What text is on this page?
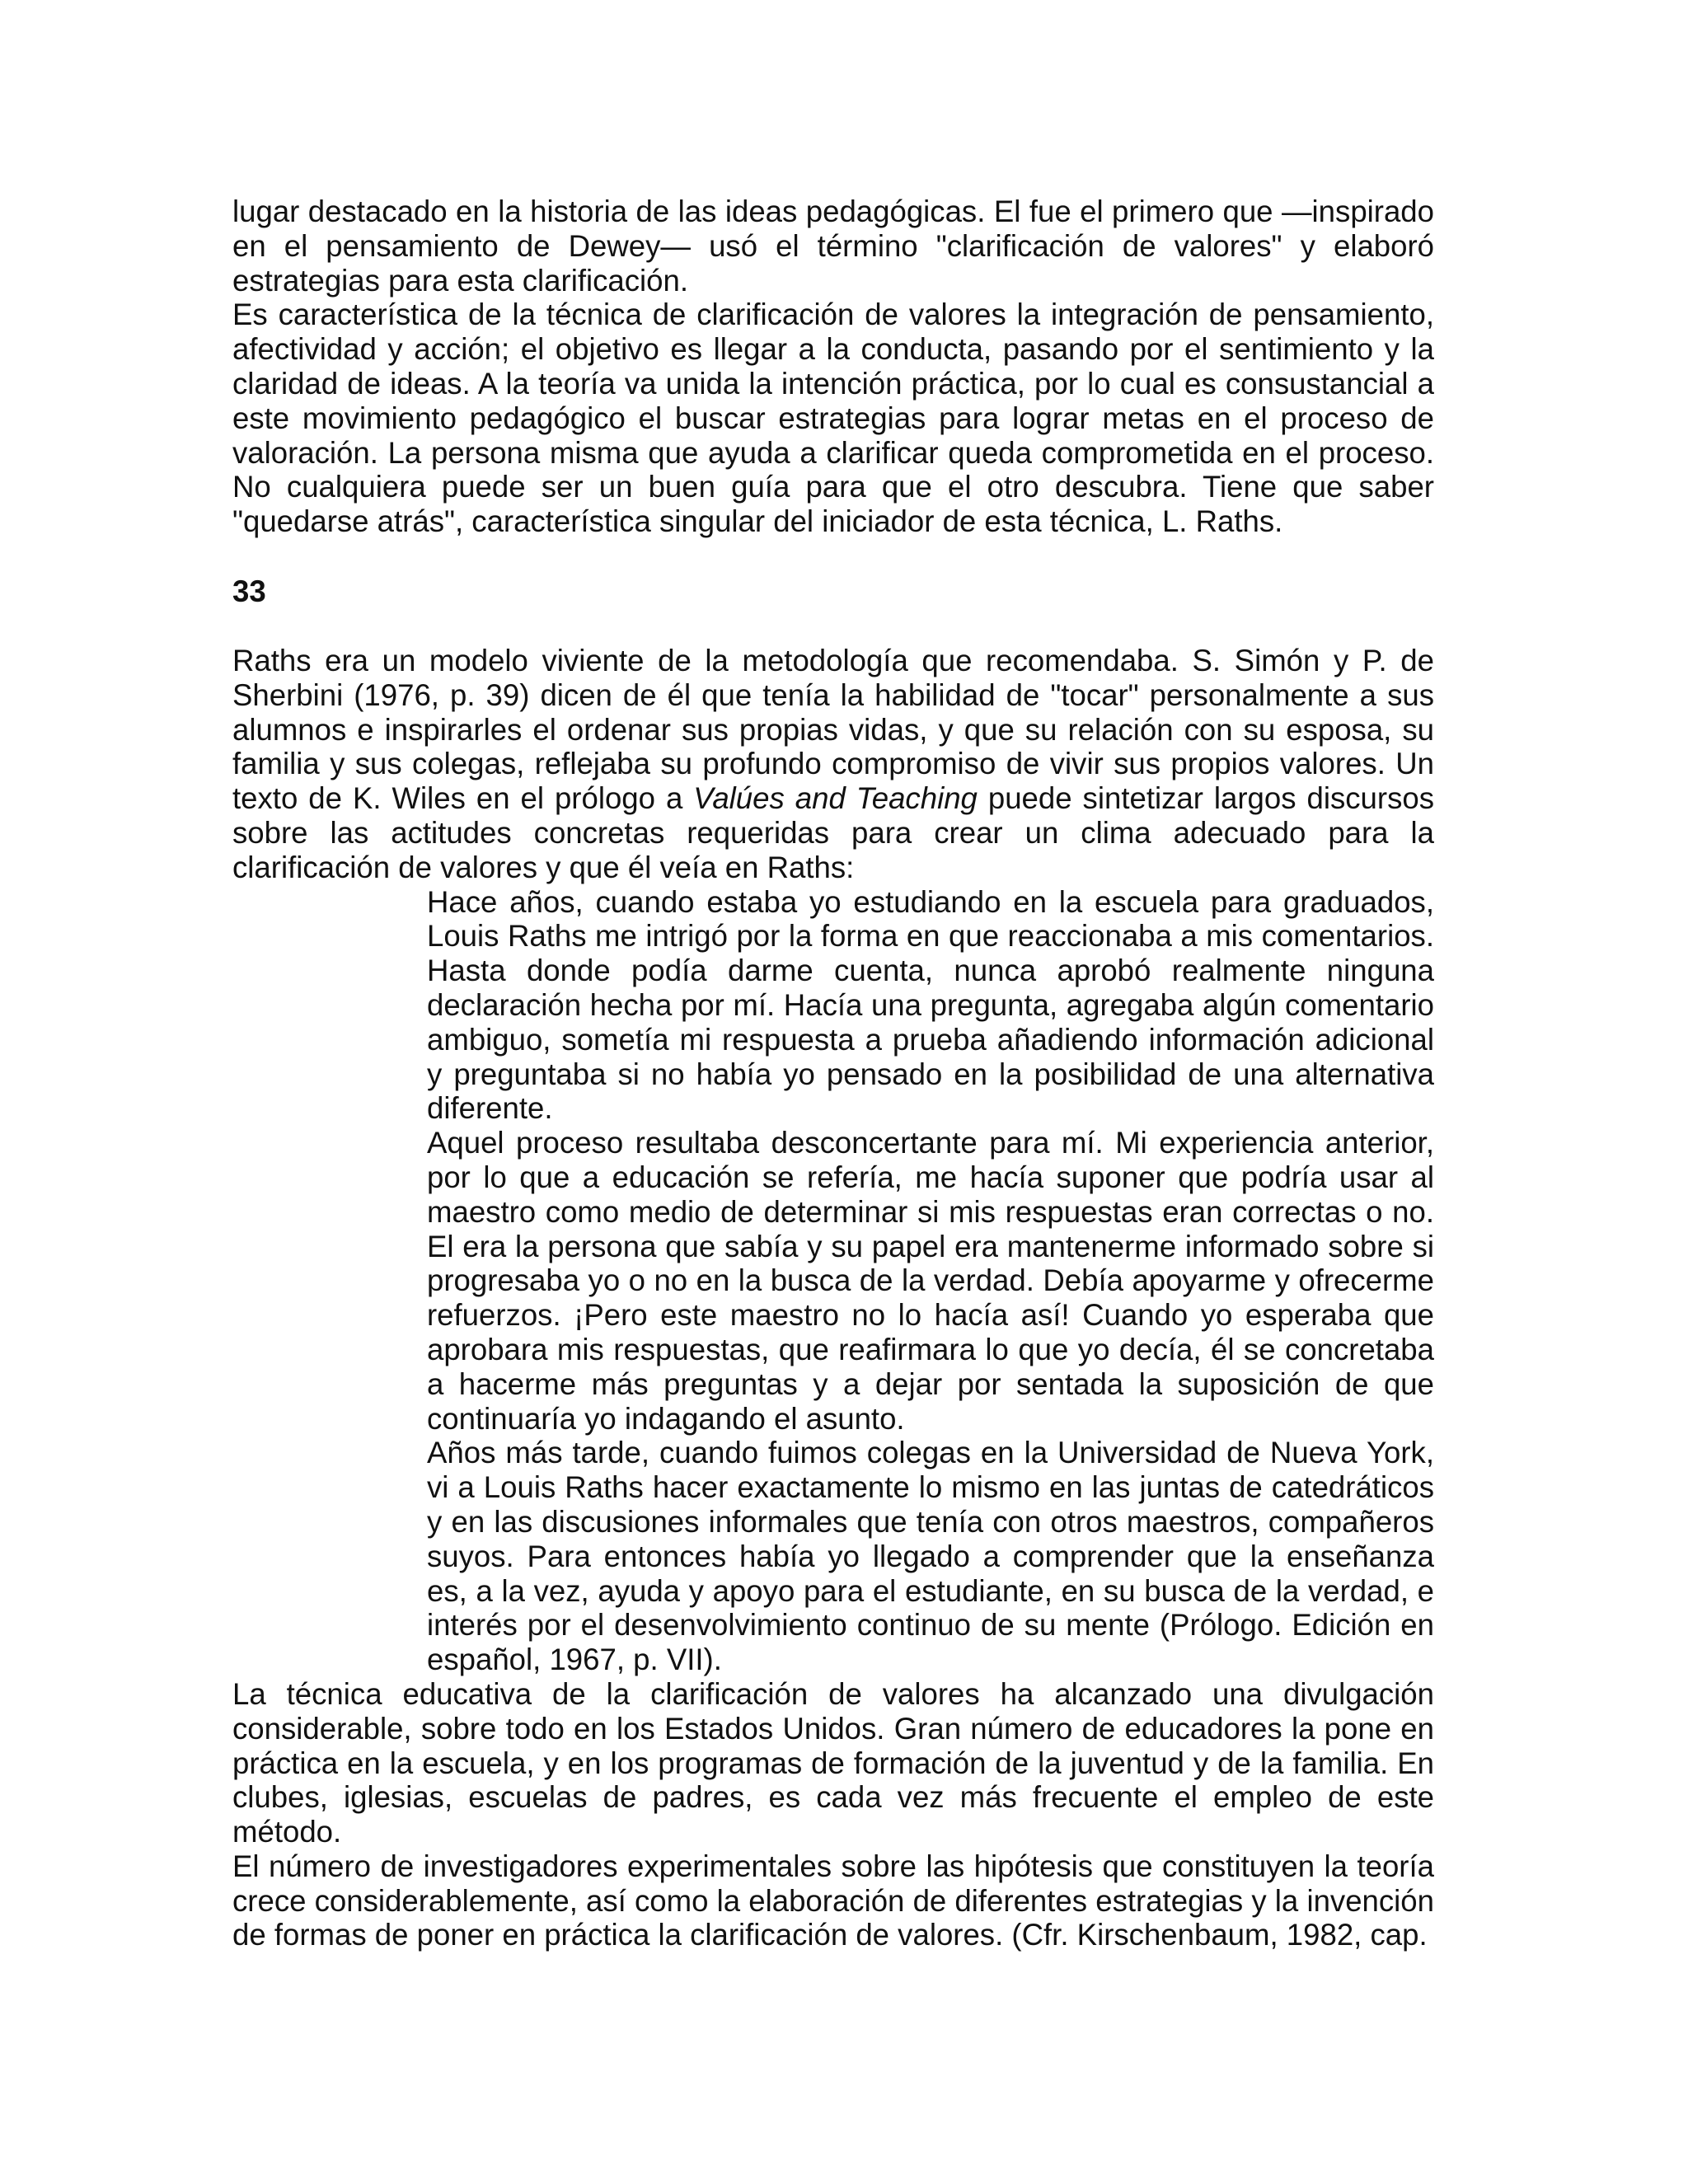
lugar destacado en la historia de las ideas pedagógicas. El fue el primero que —inspirado en el pensamiento de Dewey— usó el término "clarificación de valores" y elaboró estrategias para esta clarificación.

Es característica de la técnica de clarificación de valores la integración de pensamiento, afectividad y acción; el objetivo es llegar a la conducta, pasando por el sentimiento y la claridad de ideas. A la teoría va unida la intención práctica, por lo cual es consustancial a este movimiento pedagógico el buscar estrategias para lograr metas en el proceso de valoración. La persona misma que ayuda a clarificar queda comprometida en el proceso. No cualquiera puede ser un buen guía para que el otro descubra. Tiene que saber "quedarse atrás", característica singular del iniciador de esta técnica, L. Raths.

33

Raths era un modelo viviente de la metodología que recomendaba. S. Simón y P. de Sherbini (1976, p. 39) dicen de él que tenía la habilidad de "tocar" personalmente a sus alumnos e inspirarles el ordenar sus propias vidas, y que su relación con su esposa, su familia y sus colegas, reflejaba su profundo compromiso de vivir sus propios valores. Un texto de K. Wiles en el prólogo a Valúes and Teaching puede sintetizar largos discursos sobre las actitudes concretas requeridas para crear un clima adecuado para la clarificación de valores y que él veía en Raths:

Hace años, cuando estaba yo estudiando en la escuela para graduados, Louis Raths me intrigó por la forma en que reaccionaba a mis comentarios. Hasta donde podía darme cuenta, nunca aprobó realmente ninguna declaración hecha por mí. Hacía una pregunta, agregaba algún comentario ambiguo, sometía mi respuesta a prueba añadiendo información adicional y preguntaba si no había yo pensado en la posibilidad de una alternativa diferente.

Aquel proceso resultaba desconcertante para mí. Mi experiencia anterior, por lo que a educación se refería, me hacía suponer que podría usar al maestro como medio de determinar si mis respuestas eran correctas o no. El era la persona que sabía y su papel era mantenerme informado sobre si progresaba yo o no en la busca de la verdad. Debía apoyarme y ofrecerme refuerzos. ¡Pero este maestro no lo hacía así! Cuando yo esperaba que aprobara mis respuestas, que reafirmara lo que yo decía, él se concretaba a hacerme más preguntas y a dejar por sentada la suposición de que continuaría yo indagando el asunto.

Años más tarde, cuando fuimos colegas en la Universidad de Nueva York, vi a Louis Raths hacer exactamente lo mismo en las juntas de catedráticos y en las discusiones informales que tenía con otros maestros, compañeros suyos. Para entonces había yo llegado a comprender que la enseñanza es, a la vez, ayuda y apoyo para el estudiante, en su busca de la verdad, e interés por el desenvolvimiento continuo de su mente (Prólogo. Edición en español, 1967, p. VII).

La técnica educativa de la clarificación de valores ha alcanzado una divulgación considerable, sobre todo en los Estados Unidos. Gran número de educadores la pone en práctica en la escuela, y en los programas de formación de la juventud y de la familia. En clubes, iglesias, escuelas de padres, es cada vez más frecuente el empleo de este método.

El número de investigadores experimentales sobre las hipótesis que constituyen la teoría crece considerablemente, así como la elaboración de diferentes estrategias y la invención de formas de poner en práctica la clarificación de valores. (Cfr. Kirschenbaum, 1982, cap.
